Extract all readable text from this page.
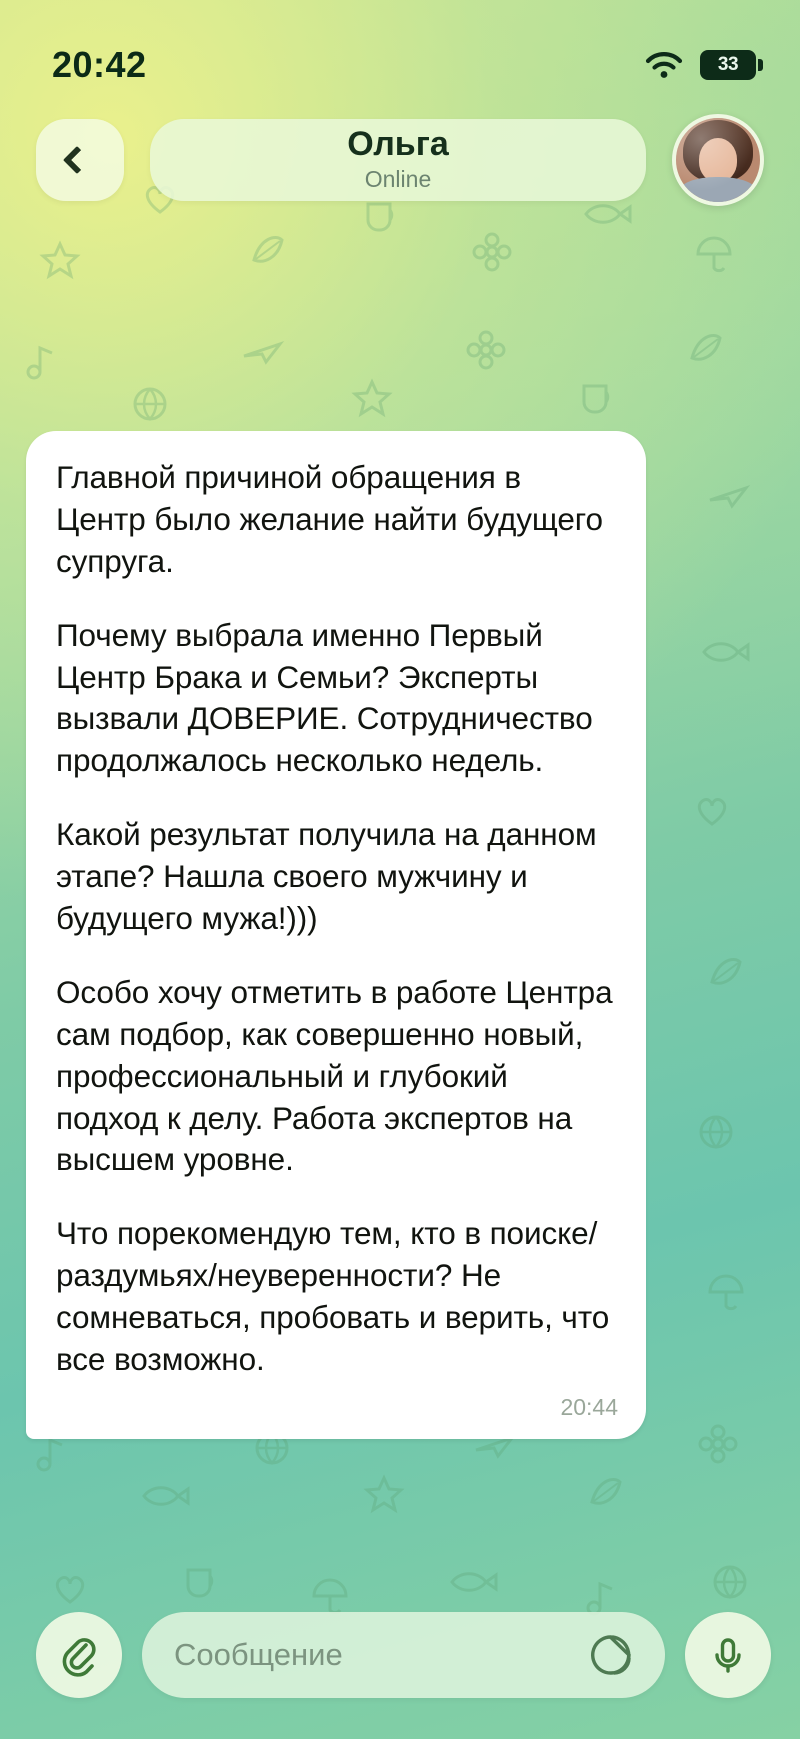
20:42	33
Ольга
Online

Главной причиной обращения в Центр было желание найти будущего супруга.

Почему выбрала именно Первый Центр Брака и Семьи? Эксперты вызвали ДОВЕРИЕ. Сотрудничество продолжалось несколько недель.

Какой результат получила на данном этапе? Нашла своего мужчину и будущего мужа!)))

Особо хочу отметить в работе Центра сам подбор, как совершенно новый, профессиональный и глубокий подход к делу. Работа экспертов на высшем уровне.

Что порекомендую тем, кто в поиске/раздумьях/неуверенности? Не сомневаться, пробовать и верить, что все возможно.

20:44
Сообщение
